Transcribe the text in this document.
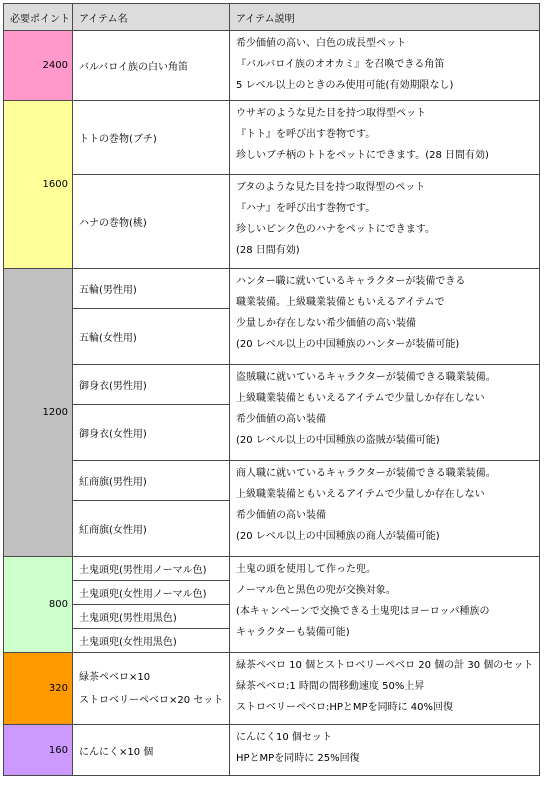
必要ポイント	アイテム名	アイテム説明
2400	バルバロイ族の白い角笛	希少価値の高い、白色の成長型ペット
『バルバロイ族のオオカミ』を召喚できる角笛
5 レベル以上のときのみ使用可能(有効期限なし)

1600	トトの巻物(ブチ)	ウサギのような見た目を持つ取得型ペット
『トト』を呼び出す巻物です。
珍しいブチ柄のトトをペットにできます。(28 日間有効)

	ハナの巻物(桃)	ブタのような見た目を持つ取得型のペット
『ハナ』を呼び出す巻物です。
珍しいピンク色のハナをペットにできます。
(28 日間有効)

1200	五輪(男性用)	ハンター職に就いているキャラクターが装備できる
職業装備。上級職業装備ともいえるアイテムで
少量しか存在しない希少価値の高い装備
(20 レベル以上の中国種族のハンターが装備可能)

	五輪(女性用)	
	御身衣(男性用)	盗賊職に就いているキャラクターが装備できる職業装備。
上級職業装備ともいえるアイテムで少量しか存在しない
希少価値の高い装備
(20 レベル以上の中国種族の盗賊が装備可能)

	御身衣(女性用)	
	紅商旗(男性用)	商人職に就いているキャラクターが装備できる職業装備。
上級職業装備ともいえるアイテムで少量しか存在しない
希少価値の高い装備
(20 レベル以上の中国種族の商人が装備可能)

	紅商旗(女性用)	
800	土鬼頭兜(男性用ノーマル色)	土鬼の頭を使用して作った兜。
ノーマル色と黒色の兜が交換対象。
(本キャンペーンで交換できる土鬼兜はヨーロッパ種族の
キャラクターも装備可能)

	土鬼頭兜(女性用ノーマル色)	
	土鬼頭兜(男性用黒色)	
	土鬼頭兜(女性用黒色)	
320	緑茶ペベロ×10
ストロベリーペベロ×20 セット	緑茶ペベロ 10 個とストロベリーペベロ 20 個の計 30 個のセット
緑茶ペベロ:1 時間の間移動速度 50%上昇
ストロベリーペベロ:HPとMPを同時に 40%回復

160	にんにく×10 個	にんにく10 個セット
HPとMPを同時に 25%回復
